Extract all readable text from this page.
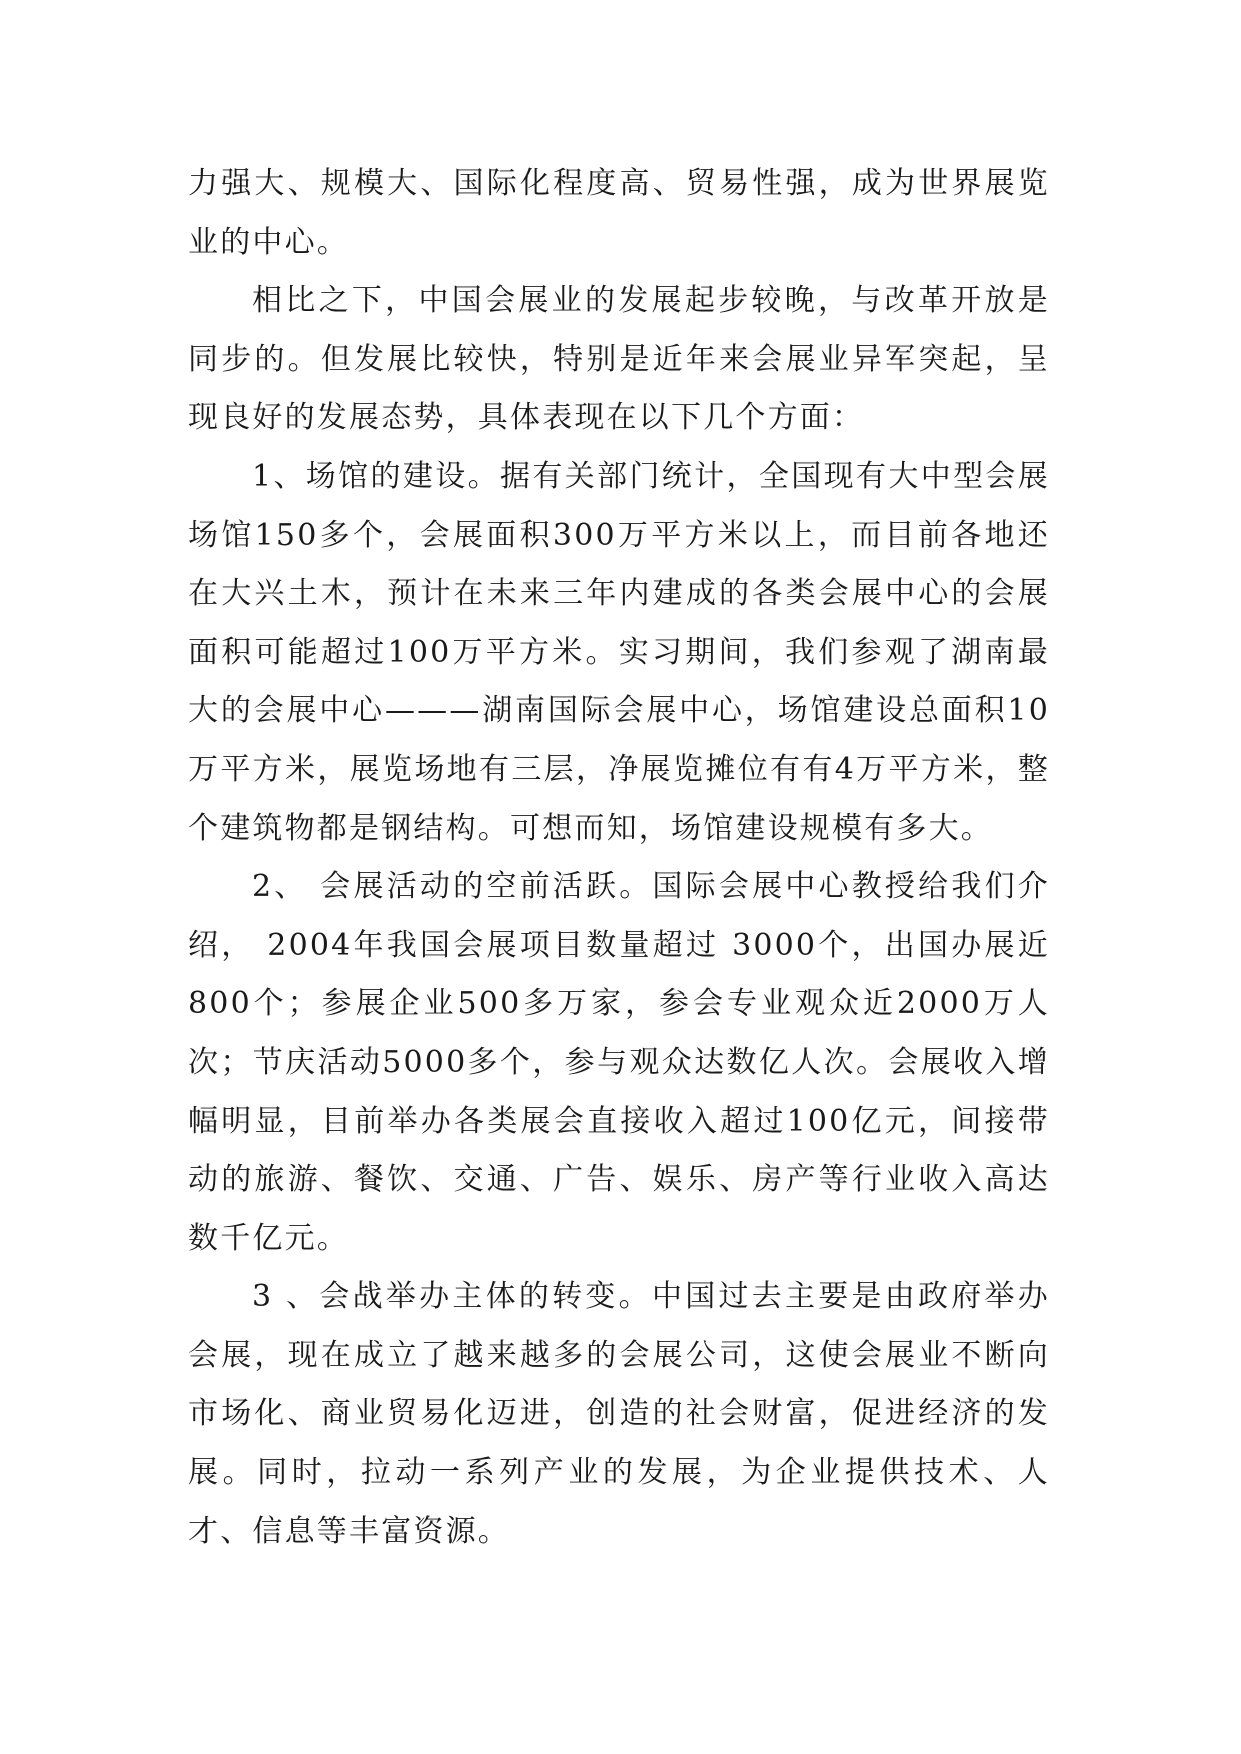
力强大、规模大、国际化程度高、贸易性强，成为世界展览业的中心。

相比之下，中国会展业的发展起步较晚，与改革开放是同步的。但发展比较快，特别是近年来会展业异军突起，呈现良好的发展态势，具体表现在以下几个方面：

1、场馆的建设。据有关部门统计，全国现有大中型会展场馆150多个，会展面积300万平方米以上，而目前各地还在大兴土木，预计在未来三年内建成的各类会展中心的会展面积可能超过100万平方米。实习期间，我们参观了湖南最大的会展中心———湖南国际会展中心，场馆建设总面积10万平方米，展览场地有三层，净展览摊位有有4万平方米，整个建筑物都是钢结构。可想而知，场馆建设规模有多大。

2、 会展活动的空前活跃。国际会展中心教授给我们介绍， 2004年我国会展项目数量超过 3000个，出国办展近800个；参展企业500多万家，参会专业观众近2000万人次；节庆活动5000多个，参与观众达数亿人次。会展收入增幅明显，目前举办各类展会直接收入超过100亿元，间接带动的旅游、餐饮、交通、广告、娱乐、房产等行业收入高达数千亿元。

3 、会战举办主体的转变。中国过去主要是由政府举办会展，现在成立了越来越多的会展公司，这使会展业不断向市场化、商业贸易化迈进，创造的社会财富，促进经济的发展。同时，拉动一系列产业的发展，为企业提供技术、人才、信息等丰富资源。
